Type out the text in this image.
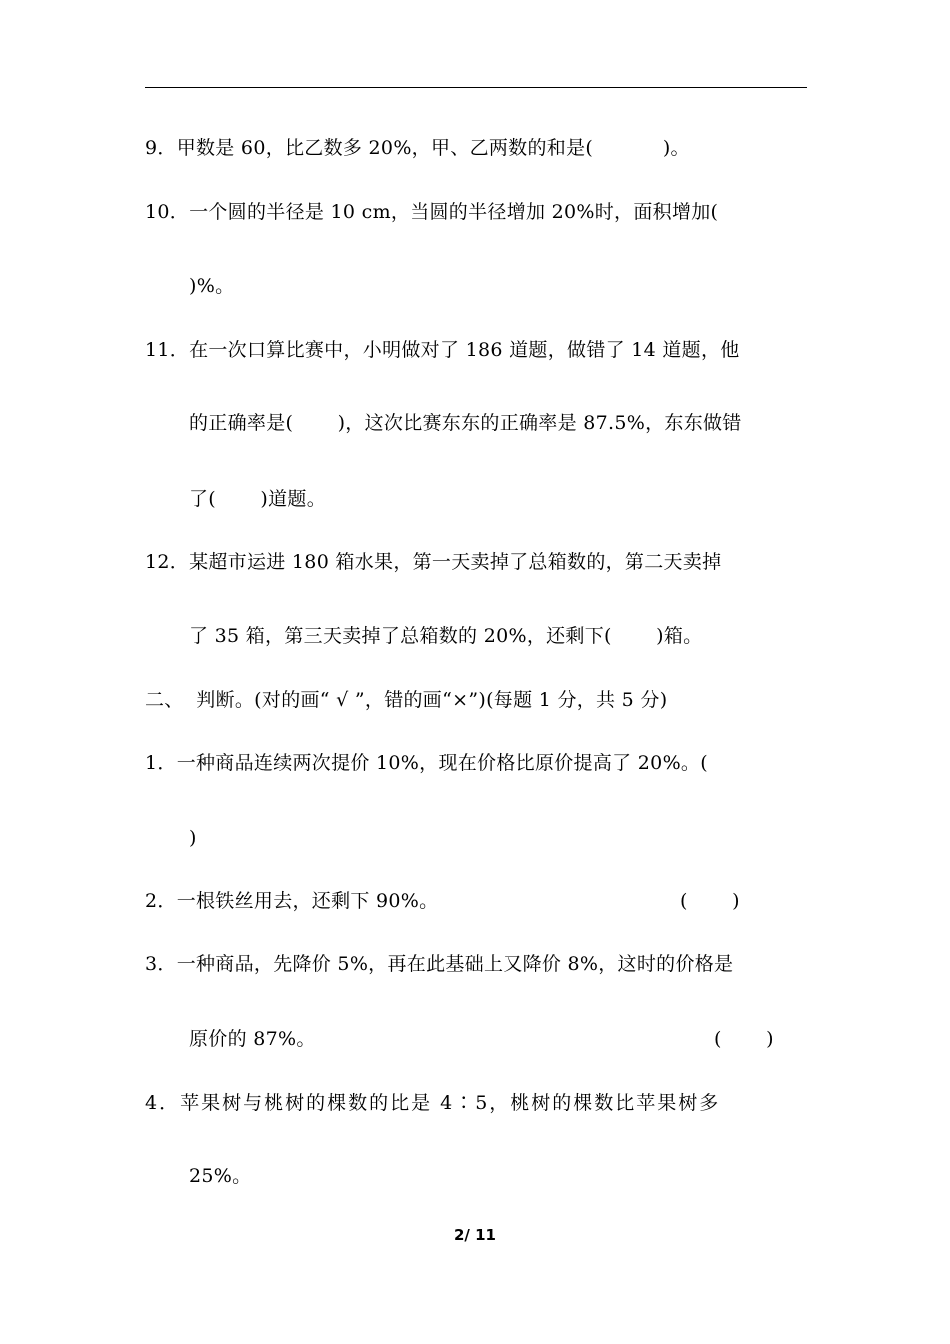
9．甲数是 60，比乙数多 20%，甲、乙两数的和是(           )。
10．一个圆的半径是 10 cm，当圆的半径增加 20%时，面积增加(
)%。
11．在一次口算比赛中，小明做对了 186 道题，做错了 14 道题，他
的正确率是(       )，这次比赛东东的正确率是 87.5%，东东做错
了(       )道题。
12．某超市运进 180 箱水果，第一天卖掉了总箱数的，第二天卖掉
了 35 箱，第三天卖掉了总箱数的 20%，还剩下(       )箱。
二、  判断。(对的画“ √ ”，错的画“×”)(每题 1 分，共 5 分)
1．一种商品连续两次提价 10%，现在价格比原价提高了 20%。(
)
2．一根铁丝用去，还剩下 90%。	(       )
3．一种商品，先降价 5%，再在此基础上又降价 8%，这时的价格是
原价的 87%。	(       )
4．苹果树与桃树的棵数的比是 4∶5，桃树的棵数比苹果树多
25%。
2/ 11
